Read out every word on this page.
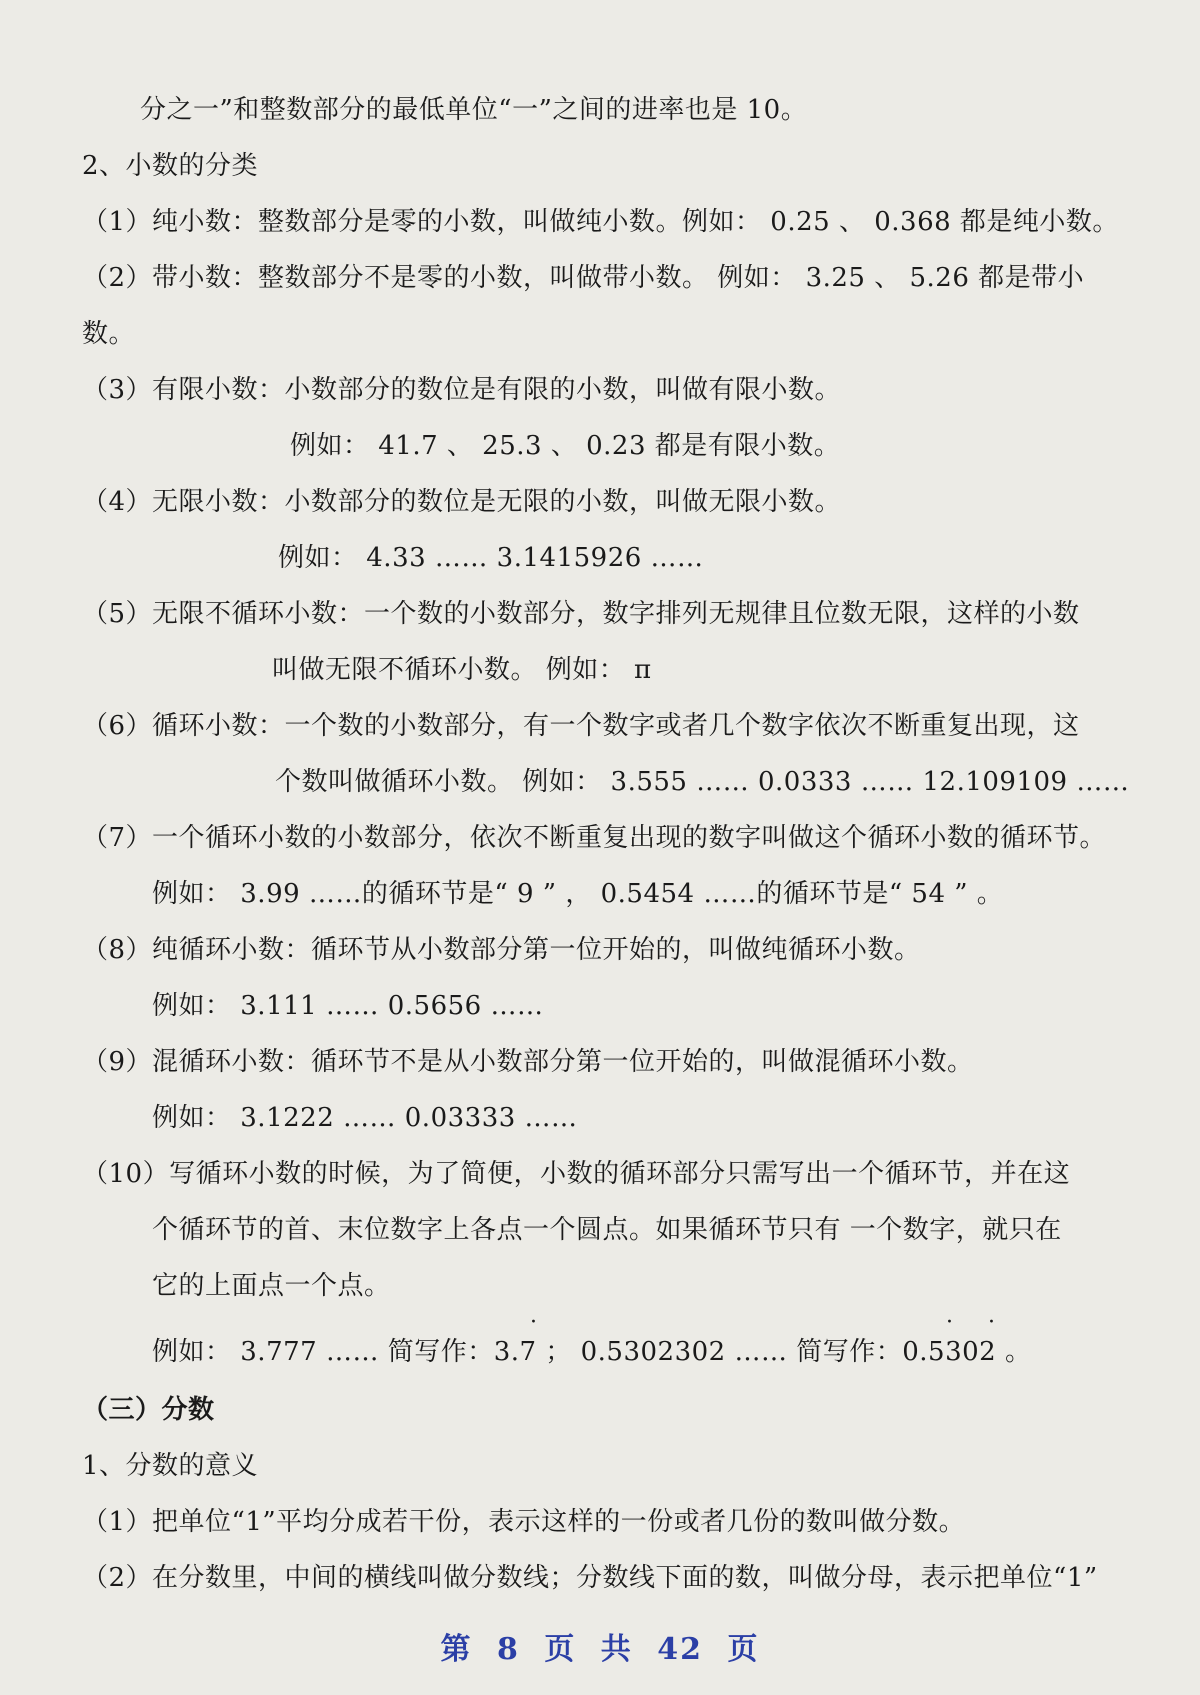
分之一”和整数部分的最低单位“一”之间的进率也是 10。
2、小数的分类
（1）纯小数：整数部分是零的小数，叫做纯小数。例如： 0.25 、 0.368 都是纯小数。
（2）带小数：整数部分不是零的小数，叫做带小数。 例如： 3.25 、 5.26 都是带小
数。
（3）有限小数：小数部分的数位是有限的小数，叫做有限小数。
例如： 41.7 、 25.3 、 0.23 都是有限小数。
（4）无限小数：小数部分的数位是无限的小数，叫做无限小数。
例如： 4.33 …… 3.1415926 ……
（5）无限不循环小数：一个数的小数部分，数字排列无规律且位数无限，这样的小数
叫做无限不循环小数。 例如： π
（6）循环小数：一个数的小数部分，有一个数字或者几个数字依次不断重复出现，这
个数叫做循环小数。 例如： 3.555 …… 0.0333 …… 12.109109 ……
（7）一个循环小数的小数部分，依次不断重复出现的数字叫做这个循环小数的循环节。
例如： 3.99 ……的循环节是“ 9 ” ， 0.5454 ……的循环节是“ 54 ” 。
（8）纯循环小数：循环节从小数部分第一位开始的，叫做纯循环小数。
例如： 3.111 …… 0.5656 ……
（9）混循环小数：循环节不是从小数部分第一位开始的，叫做混循环小数。
例如： 3.1222 …… 0.03333 ……
（10）写循环小数的时候，为了简便，小数的循环部分只需写出一个循环节，并在这
个循环节的首、末位数字上各点一个圆点。如果循环节只有 一个数字，就只在
它的上面点一个点。
·	· ·
例如： 3.777 …… 简写作：3.7 ； 0.5302302 …… 简写作：0.5302 。
（三）分数
1、分数的意义
（1）把单位“1”平均分成若干份，表示这样的一份或者几份的数叫做分数。
（2）在分数里，中间的横线叫做分数线；分数线下面的数，叫做分母，表示把单位“1”
第 8 页 共 42 页
